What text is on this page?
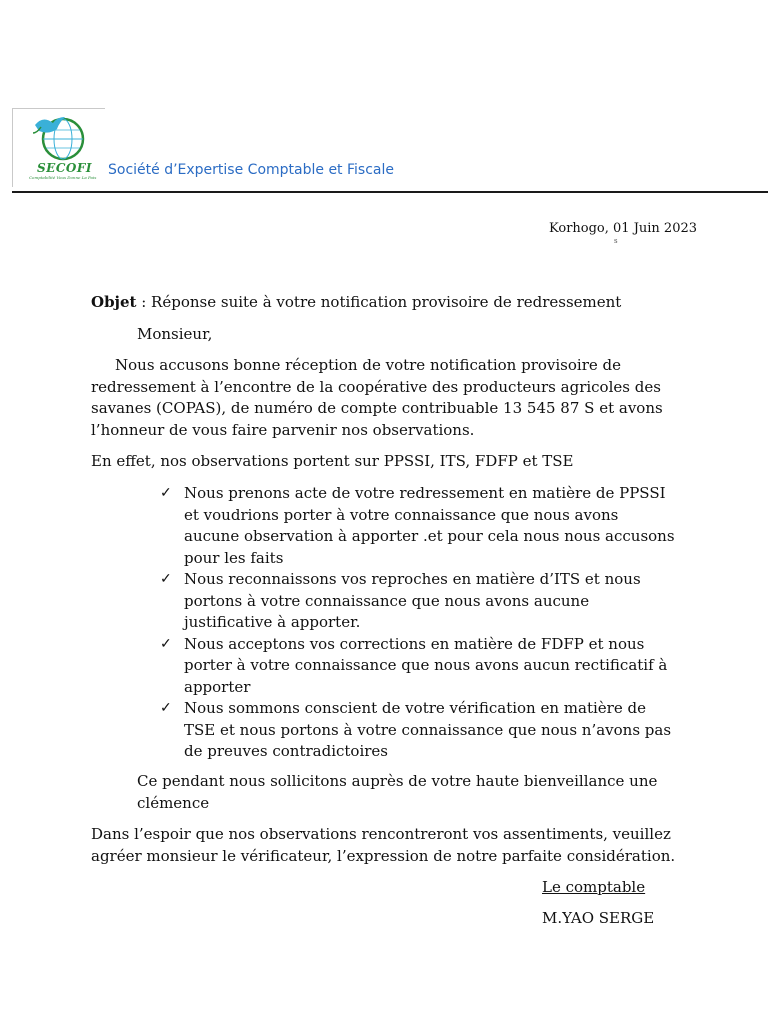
SECOFI
Comptabilité Vous Donne La Paix Société d’Expertise Comptable et Fiscale
Korhogo, 01 Juin 2023
s
Objet : Réponse suite à votre notification provisoire de redressement
Monsieur,
Nous accusons bonne réception de votre notification provisoire de
redressement à l’encontre de la coopérative des producteurs agricoles des
savanes (COPAS), de numéro de compte contribuable 13 545 87 S et avons
l’honneur de vous faire parvenir nos observations.
En effet, nos observations portent sur PPSSI, ITS, FDFP et TSE
✓ Nous prenons acte de votre redressement en matière de PPSSI
et voudrions porter à votre connaissance que nous avons
aucune observation à apporter .et pour cela nous nous accusons
pour les faits
✓ Nous reconnaissons vos reproches en matière d’ITS et nous
portons à votre connaissance que nous avons aucune
justificative à apporter.
✓ Nous acceptons vos corrections en matière de FDFP et nous
porter à votre connaissance que nous avons aucun rectificatif à
apporter
✓ Nous sommons conscient de votre vérification en matière de
TSE et nous portons à votre connaissance que nous n’avons pas
de preuves contradictoires
Ce pendant nous sollicitons auprès de votre haute bienveillance une
clémence
Dans l’espoir que nos observations rencontreront vos assentiments, veuillez
agréer monsieur le vérificateur, l’expression de notre parfaite considération.
Le comptable
M.YAO SERGE
